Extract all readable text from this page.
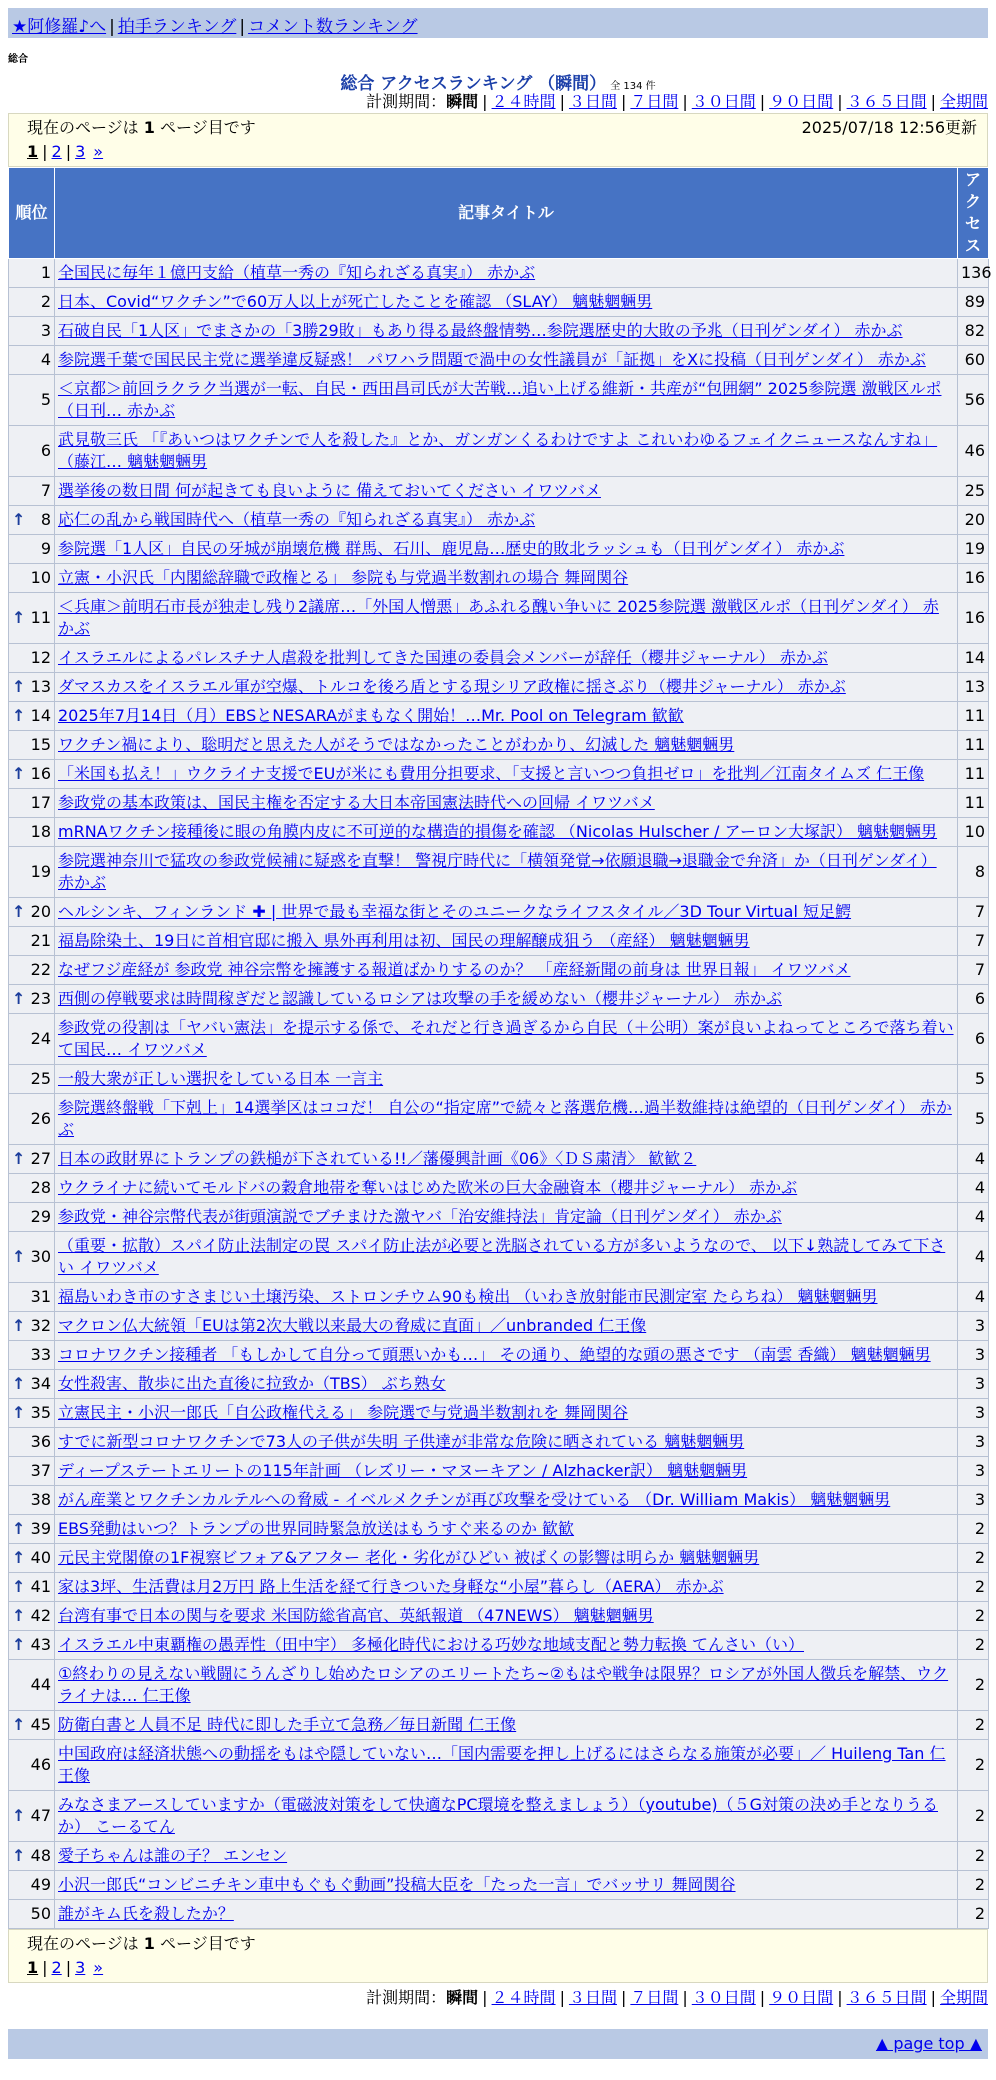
★阿修羅♪へ | 拍手ランキング | コメント数ランキング
総合
総合 アクセスランキング （瞬間） 全 134 件
計測期間：瞬間 | ２４時間 | ３日間 | ７日間 | ３０日間 | ９０日間 | ３６５日間 | 全期間
現在のページは 1 ページ目です	2025/07/18 12:56更新
1 | 2 | 3 »
順位	記事タイトル	アクセス
1	全国民に毎年１億円支給（植草一秀の『知られざる真実』） 赤かぶ	136
2	日本、Covid“ワクチン”で60万人以上が死亡したことを確認 （SLAY） 魑魅魍魎男	89
3	石破自民「1人区」でまさかの「3勝29敗」もあり得る最終盤情勢…参院選歴史的大敗の予兆（日刊ゲンダイ） 赤かぶ	82
4	参院選千葉で国民民主党に選挙違反疑惑！ パワハラ問題で渦中の女性議員が「証拠」をXに投稿（日刊ゲンダイ） 赤かぶ	60
5	＜京都＞前回ラクラク当選が一転、自民・西田昌司氏が大苦戦…追い上げる維新・共産が“包囲網” 2025参院選 激戦区ルポ（日刊… 赤かぶ	56
6	武見敬三氏 「『あいつはワクチンで人を殺した』とか、ガンガンくるわけですよ これいわゆるフェイクニュースなんすね」（藤江… 魑魅魍魎男	46
7	選挙後の数日間 何が起きても良いように 備えておいてください イワツバメ	25

↑ 8	応仁の乱から戦国時代へ（植草一秀の『知られざる真実』） 赤かぶ	20
9	参院選「1人区」自民の牙城が崩壊危機 群馬、石川、鹿児島…歴史的敗北ラッシュも（日刊ゲンダイ） 赤かぶ	19
10	立憲・小沢氏「内閣総辞職で政権とる」 参院も与党過半数割れの場合 舞岡関谷	16

↑ 11	＜兵庫＞前明石市長が独走し残り2議席…「外国人憎悪」あふれる醜い争いに 2025参院選 激戦区ルポ（日刊ゲンダイ） 赤かぶ	16
12	イスラエルによるパレスチナ人虐殺を批判してきた国連の委員会メンバーが辞任（櫻井ジャーナル） 赤かぶ	14

↑ 13	ダマスカスをイスラエル軍が空爆、トルコを後ろ盾とする現シリア政権に揺さぶり（櫻井ジャーナル） 赤かぶ	13

↑ 14	2025年7月14日（月）EBSとNESARAがまもなく開始！…Mr. Pool on Telegram 歓歓	11
15	ワクチン禍により、聡明だと思えた人がそうではなかったことがわかり、幻滅した 魑魅魍魎男	11

↑ 16	「米国も払え！」ウクライナ支援でEUが米にも費用分担要求、「支援と言いつつ負担ゼロ」を批判／江南タイムズ 仁王像	11
17	参政党の基本政策は、国民主権を否定する大日本帝国憲法時代への回帰 イワツバメ	11
18	mRNAワクチン接種後に眼の角膜内皮に不可逆的な構造的損傷を確認 （Nicolas Hulscher / アーロン大塚訳） 魑魅魍魎男	10
19	参院選神奈川で猛攻の参政党候補に疑惑を直撃！ 警視庁時代に「横領発覚→依願退職→退職金で弁済」か（日刊ゲンダイ） 赤かぶ	8

↑ 20	ヘルシンキ、フィンランド ✚ | 世界で最も幸福な街とそのユニークなライフスタイル／3D Tour Virtual 短足鰐	7
21	福島除染土、19日に首相官邸に搬入 県外再利用は初、国民の理解醸成狙う （産経） 魑魅魍魎男	7
22	なぜフジ産経が 参政党 神谷宗幣を擁護する報道ばかりするのか？ 「産経新聞の前身は 世界日報」 イワツバメ	7

↑ 23	西側の停戦要求は時間稼ぎだと認識しているロシアは攻撃の手を緩めない（櫻井ジャーナル） 赤かぶ	6
24	参政党の役割は「ヤバい憲法」を提示する係で、それだと行き過ぎるから自民（＋公明）案が良いよねってところで落ち着いて国民… イワツバメ	6
25	一般大衆が正しい選択をしている日本 一言主	5
26	参院選終盤戦「下剋上」14選挙区はココだ！ 自公の“指定席”で続々と落選危機…過半数維持は絶望的（日刊ゲンダイ） 赤かぶ	5

↑ 27	日本の政財界にトランプの鉄槌が下されている!!／藩優興計画《06》〈ＤＳ粛清〉 歓歓２	4
28	ウクライナに続いてモルドバの穀倉地帯を奪いはじめた欧米の巨大金融資本（櫻井ジャーナル） 赤かぶ	4
29	参政党・神谷宗幣代表が街頭演説でブチまけた激ヤバ「治安維持法」肯定論（日刊ゲンダイ） 赤かぶ	4

↑ 30	（重要・拡散）スパイ防止法制定の罠 スパイ防止法が必要と洗脳されている方が多いようなので、 以下↓熟読してみて下さい イワツバメ	4
31	福島いわき市のすさまじい土壌汚染、ストロンチウム90も検出 （いわき放射能市民測定室 たらちね） 魑魅魍魎男	4

↑ 32	マクロン仏大統領「EUは第2次大戦以来最大の脅威に直面」／unbranded 仁王像	3
33	コロナワクチン接種者 「もしかして自分って頭悪いかも…」 その通り、絶望的な頭の悪さです （南雲 香織） 魑魅魍魎男	3

↑ 34	女性殺害、散歩に出た直後に拉致か（TBS） ぶち熟女	3

↑ 35	立憲民主・小沢一郎氏「自公政権代える」 参院選で与党過半数割れを 舞岡関谷	3
36	すでに新型コロナワクチンで73人の子供が失明 子供達が非常な危険に晒されている 魑魅魍魎男	3
37	ディープステートエリートの115年計画 （レズリー・マヌーキアン / Alzhacker訳） 魑魅魍魎男	3
38	がん産業とワクチンカルテルへの脅威 - イベルメクチンが再び攻撃を受けている （Dr. William Makis） 魑魅魍魎男	3

↑ 39	EBS発動はいつ？トランプの世界同時緊急放送はもうすぐ来るのか 歓歓	2

↑ 40	元民主党閣僚の1F視察ビフォア&アフター 老化・劣化がひどい 被ばくの影響は明らか 魑魅魍魎男	2

↑ 41	家は3坪、生活費は月2万円 路上生活を経て行きついた身軽な“小屋”暮らし（AERA） 赤かぶ	2

↑ 42	台湾有事で日本の関与を要求 米国防総省高官、英紙報道 （47NEWS） 魑魅魍魎男	2

↑ 43	イスラエル中東覇権の愚弄性（田中宇） 多極化時代における巧妙な地域支配と勢力転換 てんさい（い）	2
44	①終わりの見えない戦闘にうんざりし始めたロシアのエリートたち~②もはや戦争は限界？ロシアが外国人徴兵を解禁、ウクライナは… 仁王像	2

↑ 45	防衛白書と人員不足 時代に即した手立て急務／毎日新聞 仁王像	2
46	中国政府は経済状態への動揺をもはや隠していない…「国内需要を押し上げるにはさらなる施策が必要」／ Huileng Tan 仁王像	2

↑ 47	みなさまアースしていますか（電磁波対策をして快適なPC環境を整えましょう）（youtube)（５G対策の決め手となりうるか） こーるてん	2

↑ 48	愛子ちゃんは誰の子？ エンセン	2
49	小沢一郎氏“コンビニチキン車中もぐもぐ動画”投稿大臣を「たった一言」でバッサリ 舞岡関谷	2
50	誰がキム氏を殺したか？	2
現在のページは 1 ページ目です
1 | 2 | 3 »
計測期間：瞬間 | ２４時間 | ３日間 | ７日間 | ３０日間 | ９０日間 | ３６５日間 | 全期間
▲ page top ▲
